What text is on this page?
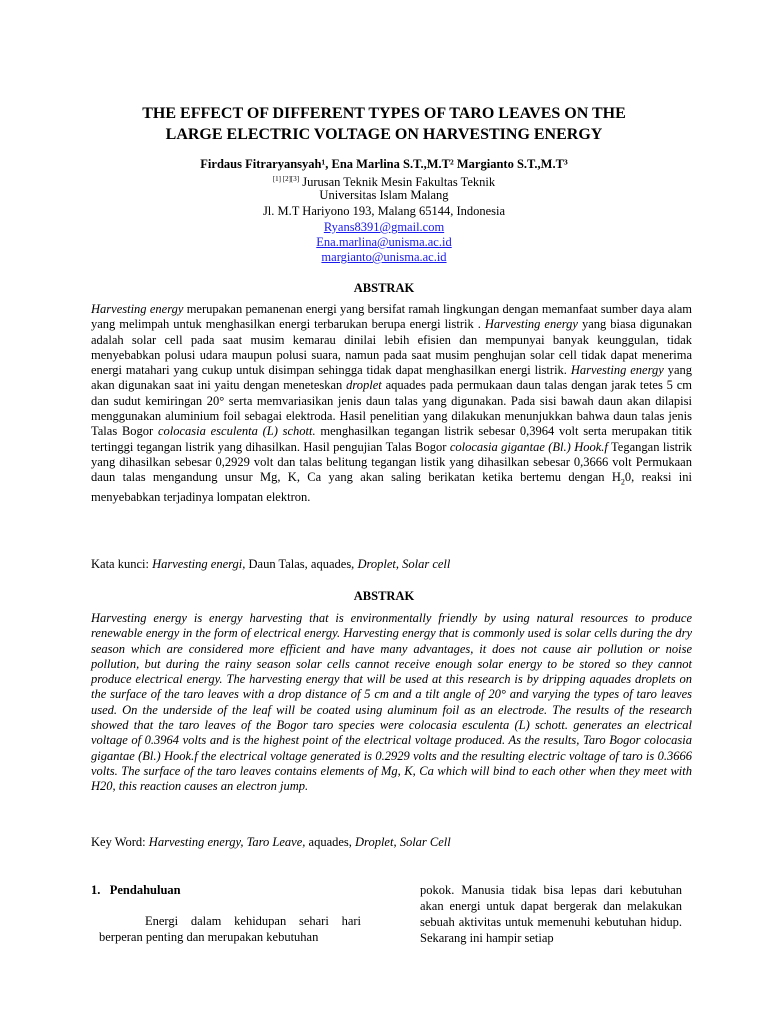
THE EFFECT OF DIFFERENT TYPES OF TARO LEAVES ON THE
LARGE ELECTRIC VOLTAGE ON HARVESTING ENERGY
Firdaus Fitraryansyah¹, Ena Marlina S.T.,M.T² Margianto S.T.,M.T³
[1] [2][3] Jurusan Teknik Mesin Fakultas Teknik
Universitas Islam Malang
Jl. M.T Hariyono 193, Malang 65144, Indonesia
Ryans8391@gmail.com
Ena.marlina@unisma.ac.id
margianto@unisma.ac.id
ABSTRAK
Harvesting energy merupakan pemanenan energi yang bersifat ramah lingkungan dengan memanfaat sumber daya alam yang melimpah untuk menghasilkan energi terbarukan berupa energi listrik . Harvesting energy yang biasa digunakan adalah solar cell pada saat musim kemarau dinilai lebih efisien dan mempunyai banyak keunggulan, tidak menyebabkan polusi udara maupun polusi suara, namun pada saat musim penghujan solar cell tidak dapat menerima energi matahari yang cukup untuk disimpan sehingga tidak dapat menghasilkan energi listrik. Harvesting energy yang akan digunakan saat ini yaitu dengan meneteskan droplet aquades pada permukaan daun talas dengan jarak tetes 5 cm dan sudut kemiringan 20° serta memvariasikan jenis daun talas yang digunakan. Pada sisi bawah daun akan dilapisi menggunakan aluminium foil sebagai elektroda. Hasil penelitian yang dilakukan menunjukkan bahwa daun talas jenis Talas Bogor colocasia esculenta (L) schott. menghasilkan tegangan listrik sebesar 0,3964 volt serta merupakan titik tertinggi tegangan listrik yang dihasilkan. Hasil pengujian Talas Bogor colocasia gigantae (Bl.) Hook.f Tegangan listrik yang dihasilkan sebesar 0,2929 volt dan talas belitung tegangan listik yang dihasilkan sebesar 0,3666 volt Permukaan daun talas mengandung unsur Mg, K, Ca yang akan saling berikatan ketika bertemu dengan $H_20$, reaksi ini menyebabkan terjadinya lompatan elektron.
Kata kunci: Harvesting energi, Daun Talas, aquades, Droplet, Solar cell
ABSTRAK
Harvesting energy is energy harvesting that is environmentally friendly by using natural resources to produce renewable energy in the form of electrical energy. Harvesting energy that is commonly used is solar cells during the dry season which are considered more efficient and have many advantages, it does not cause air pollution or noise pollution, but during the rainy season solar cells cannot receive enough solar energy to be stored so they cannot produce electrical energy. The harvesting energy that will be used at this research is by dripping aquades droplets on the surface of the taro leaves with a drop distance of 5 cm and a tilt angle of 20° and varying the types of taro leaves used. On the underside of the leaf will be coated using aluminum foil as an electrode. The results of the research showed that the taro leaves of the Bogor taro species were colocasia esculenta (L) schott. generates an electrical voltage of 0.3964 volts and is the highest point of the electrical voltage produced. As the results, Taro Bogor colocasia gigantae (Bl.) Hook.f the electrical voltage generated is 0.2929 volts and the resulting electric voltage of taro is 0.3666 volts. The surface of the taro leaves contains elements of Mg, K, Ca which will bind to each other when they meet with H20, this reaction causes an electron jump.
Key Word: Harvesting energy, Taro Leave, aquades, Droplet, Solar Cell
1.   Pendahuluan

Energi dalam kehidupan sehari hari berperan penting dan merupakan kebutuhan

pokok. Manusia tidak bisa lepas dari kebutuhan akan energi untuk dapat bergerak dan melakukan sebuah aktivitas untuk memenuhi kebutuhan hidup. Sekarang ini hampir setiap
